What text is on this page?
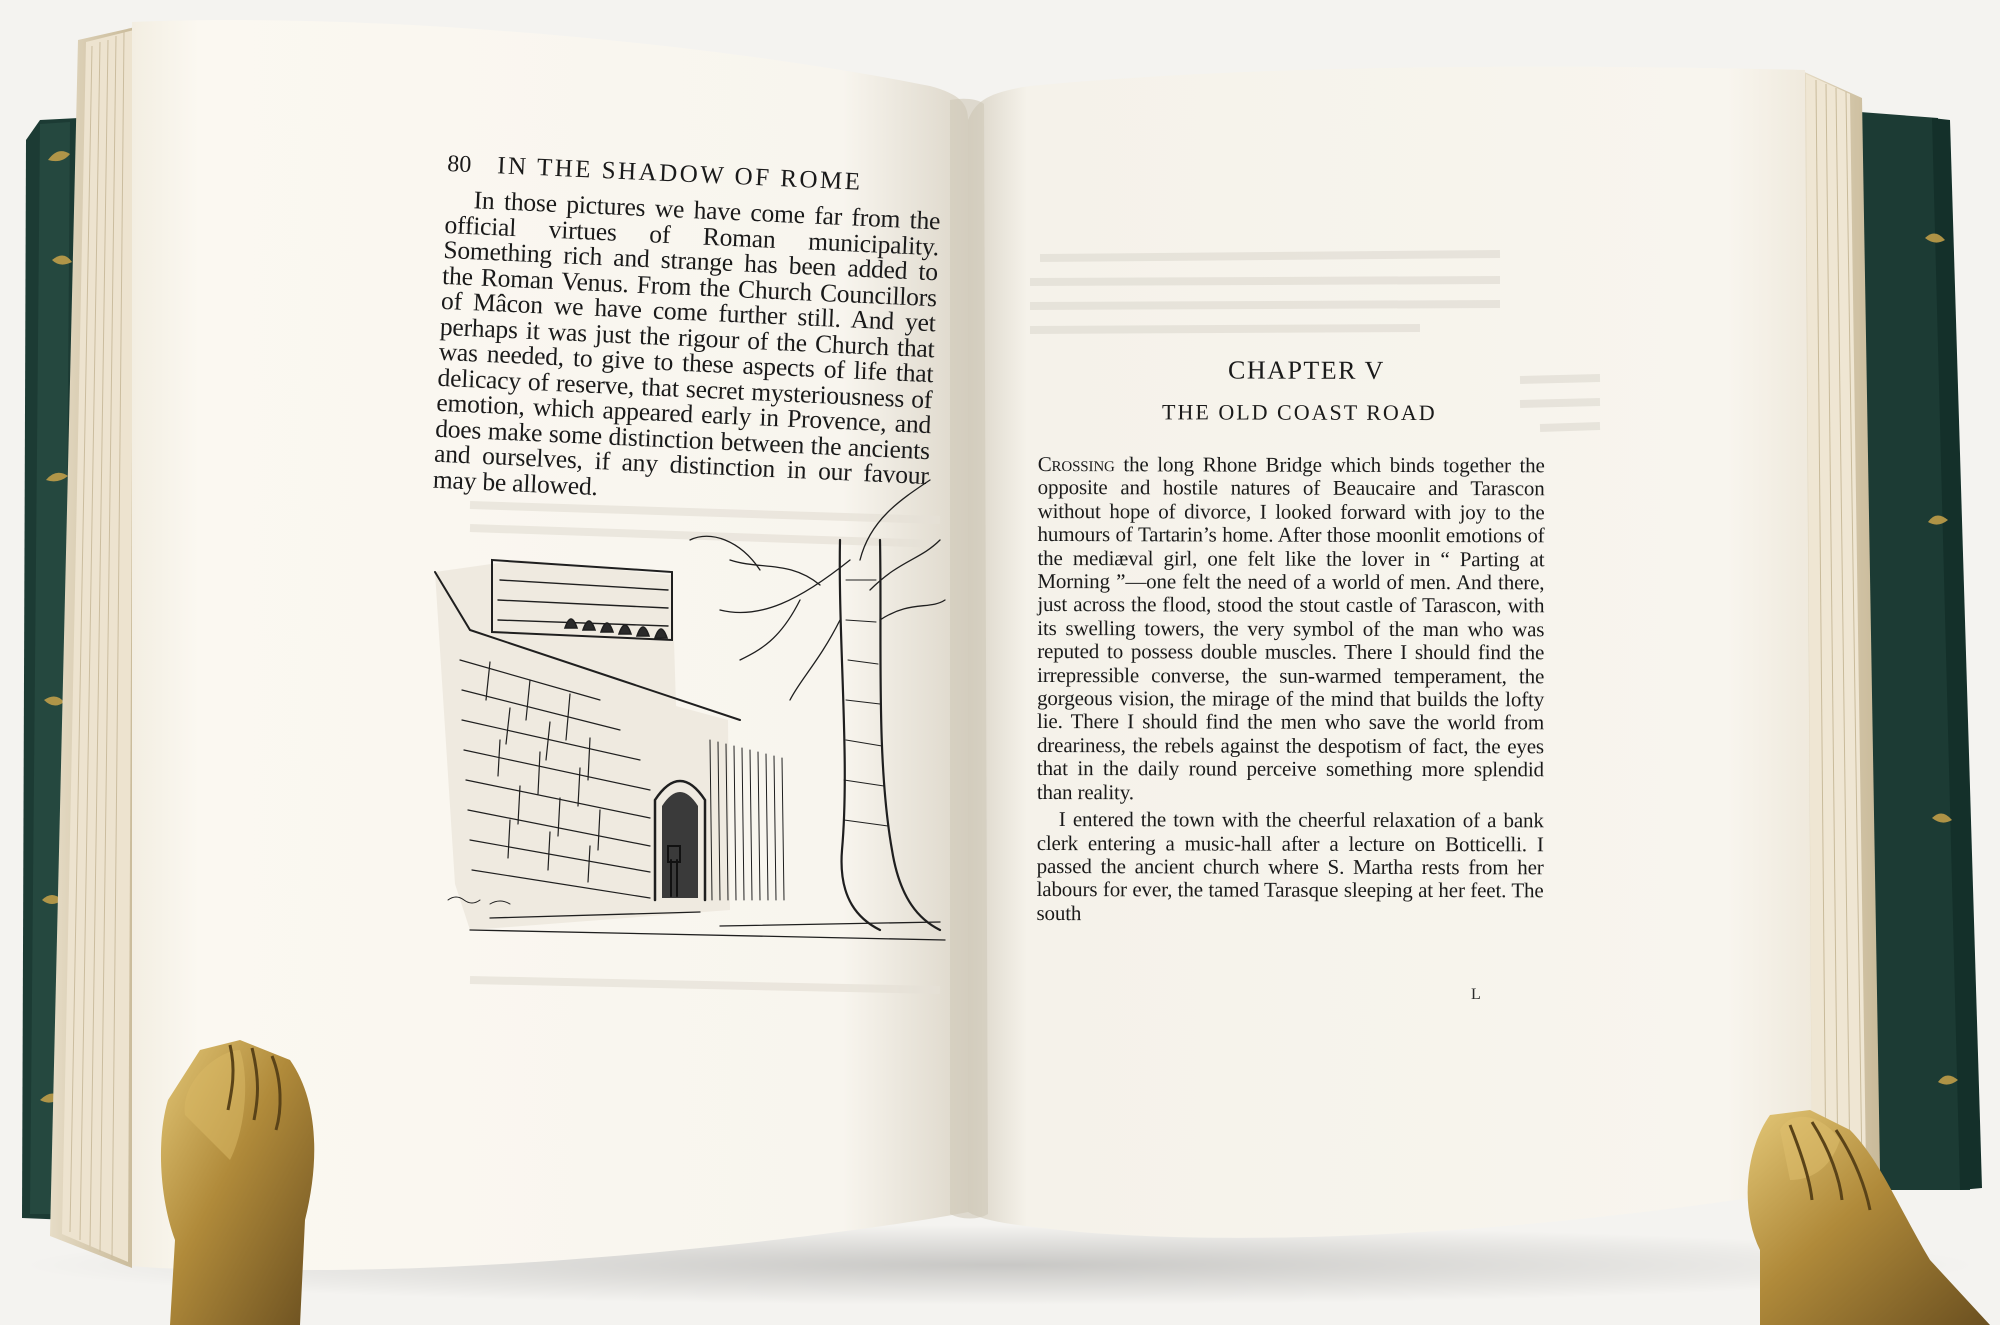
80 IN THE SHADOW OF ROME

In those pictures we have come far from the official virtues of Roman municipality. Something rich and strange has been added to the Roman Venus. From the Church Councillors of Mâcon we have come further still. And yet perhaps it was just the rigour of the Church that was needed, to give to these aspects of life that delicacy of reserve, that secret mysteriousness of emotion, which appeared early in Provence, and does make some distinction between the ancients and ourselves, if any distinction in our favour may be allowed.

CHAPTER V
THE OLD COAST ROAD

Crossing the long Rhone Bridge which binds together the opposite and hostile natures of Beaucaire and Tarascon without hope of divorce, I looked forward with joy to the humours of Tartarin’s home. After those moonlit emotions of the mediæval girl, one felt like the lover in “ Parting at Morning ”—one felt the need of a world of men. And there, just across the flood, stood the stout castle of Tarascon, with its swelling towers, the very symbol of the man who was reputed to possess double muscles. There I should find the irrepressible converse, the sun-warmed temperament, the gorgeous vision, the mirage of the mind that builds the lofty lie. There I should find the men who save the world from dreariness, the rebels against the despotism of fact, the eyes that in the daily round perceive something more splendid than reality.

I entered the town with the cheerful relaxation of a bank clerk entering a music-hall after a lecture on Botticelli. I passed the ancient church where S. Martha rests from her labours for ever, the tamed Tarasque sleeping at her feet. The south

L
